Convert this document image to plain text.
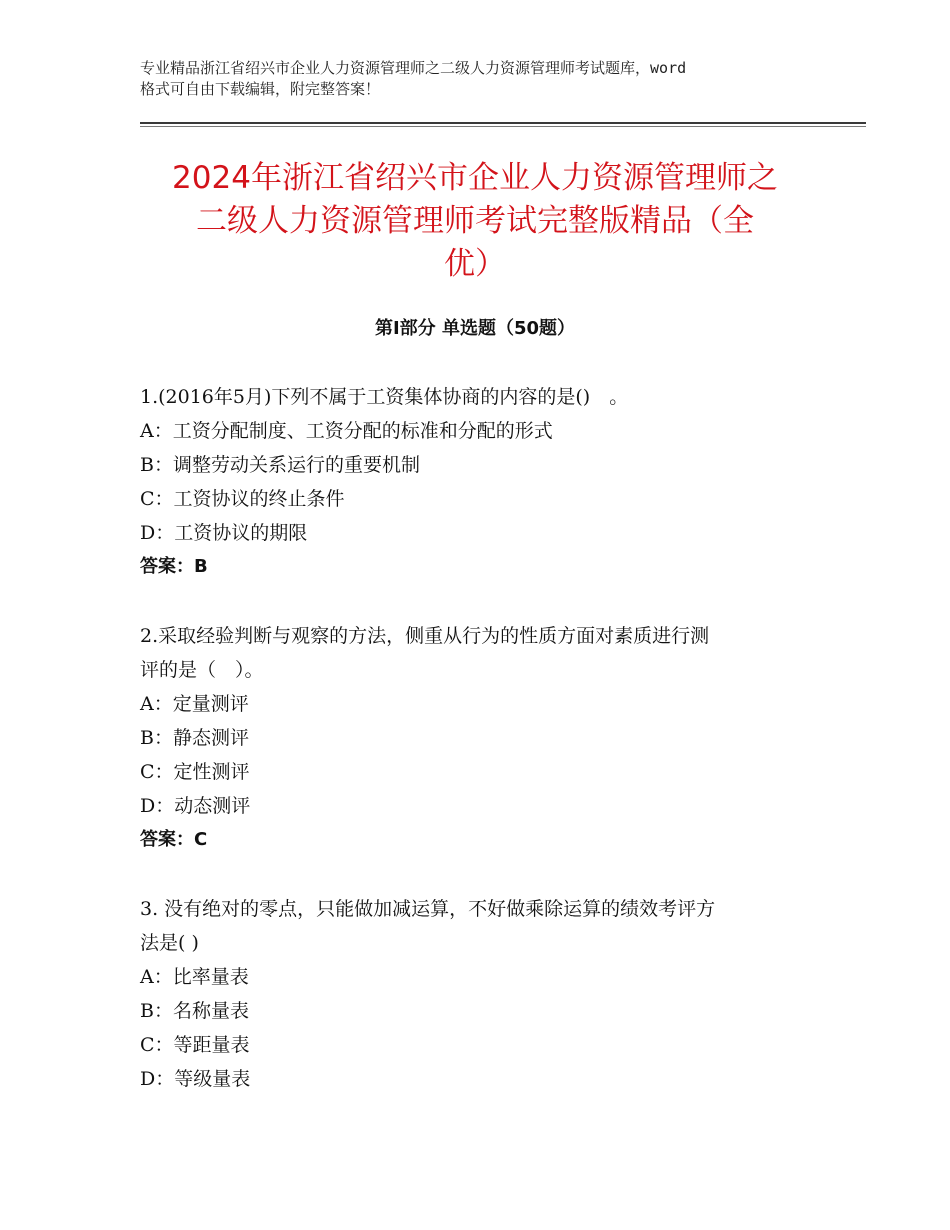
专业精品浙江省绍兴市企业人力资源管理师之二级人力资源管理师考试题库，word
格式可自由下载编辑，附完整答案！
2024年浙江省绍兴市企业人力资源管理师之
二级人力资源管理师考试完整版精品（全
优）
第Ⅰ部分 单选题（50题）
1.(2016年5月)下列不属于工资集体协商的内容的是()　。
A：工资分配制度、工资分配的标准和分配的形式
B：调整劳动关系运行的重要机制
C：工资协议的终止条件
D：工资协议的期限
答案：B
2.采取经验判断与观察的方法，侧重从行为的性质方面对素质进行测
评的是（　）。
A：定量测评
B：静态测评
C：定性测评
D：动态测评
答案：C
3. 没有绝对的零点，只能做加减运算，不好做乘除运算的绩效考评方
法是( )
A：比率量表
B：名称量表
C：等距量表
D：等级量表
